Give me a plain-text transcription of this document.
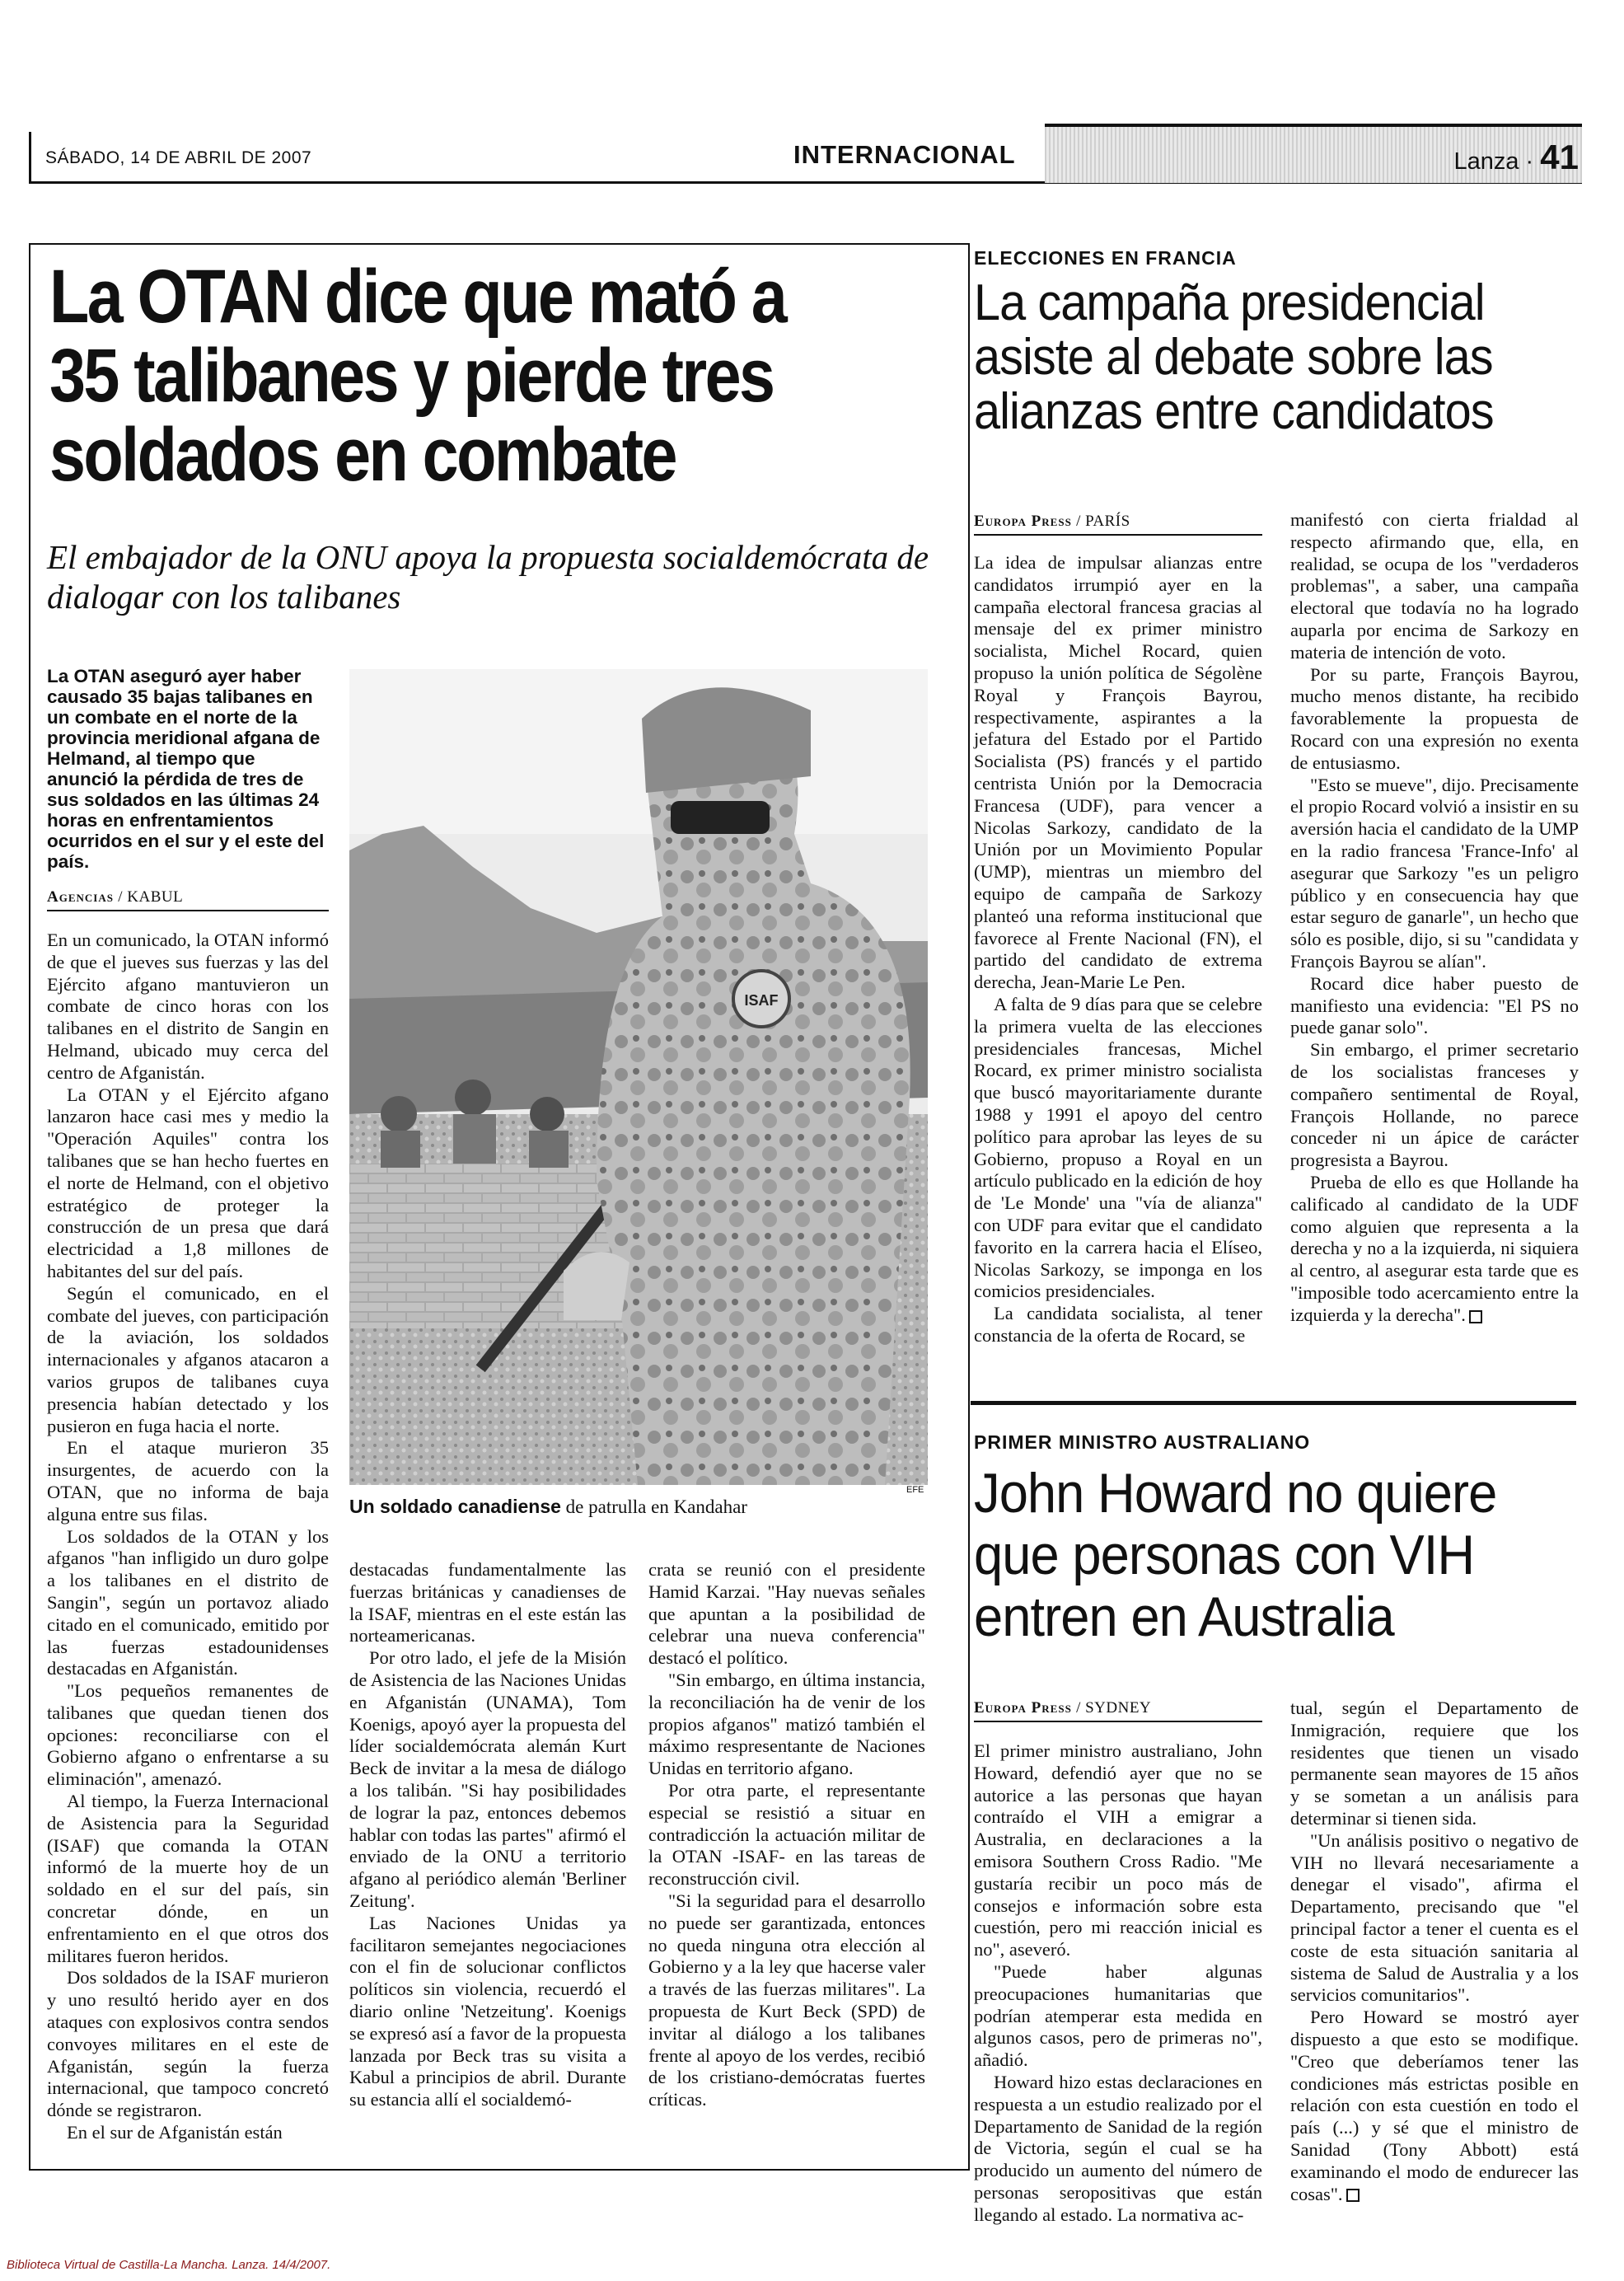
SÁBADO, 14 DE ABRIL DE 2007	INTERNACIONAL	Lanza · 41
La OTAN dice que mató a 35 talibanes y pierde tres soldados en combate
El embajador de la ONU apoya la propuesta socialdemócrata de dialogar con los talibanes
La OTAN aseguró ayer haber causado 35 bajas talibanes en un combate en el norte de la provincia meridional afgana de Helmand, al tiempo que anunció la pérdida de tres de sus soldados en las últimas 24 horas en enfrentamientos ocurridos en el sur y el este del país.
Agencias / KABUL

En un comunicado, la OTAN informó de que el jueves sus fuerzas y las del Ejército afgano mantuvieron un combate de cinco horas con los talibanes en el distrito de Sangin en Helmand, ubicado muy cerca del centro de Afganistán.

La OTAN y el Ejército afgano lanzaron hace casi mes y medio la "Operación Aquiles" contra los talibanes que se han hecho fuertes en el norte de Helmand, con el objetivo estratégico de proteger la construcción de un presa que dará electricidad a 1,8 millones de habitantes del sur del país.

Según el comunicado, en el combate del jueves, con participación de la aviación, los soldados internacionales y afganos atacaron a varios grupos de talibanes cuya presencia habían detectado y los pusieron en fuga hacia el norte.

En el ataque murieron 35 insurgentes, de acuerdo con la OTAN, que no informa de baja alguna entre sus filas.

Los soldados de la OTAN y los afganos "han infligido un duro golpe a los talibanes en el distrito de Sangin", según un portavoz aliado citado en el comunicado, emitido por las fuerzas estadounidenses destacadas en Afganistán.

"Los pequeños remanentes de talibanes que quedan tienen dos opciones: reconciliarse con el Gobierno afgano o enfrentarse a su eliminación", amenazó.

Al tiempo, la Fuerza Internacional de Asistencia para la Seguridad (ISAF) que comanda la OTAN informó de la muerte hoy de un soldado en el sur del país, sin concretar dónde, en un enfrentamiento en el que otros dos militares fueron heridos.

Dos soldados de la ISAF murieron y uno resultó herido ayer en dos ataques con explosivos contra sendos convoyes militares en el este de Afganistán, según la fuerza internacional, que tampoco concretó dónde se registraron.

En el sur de Afganistán están

ISAF
EFE
Un soldado canadiense de patrulla en Kandahar

destacadas fundamentalmente las fuerzas británicas y canadienses de la ISAF, mientras en el este están las norteamericanas.

Por otro lado, el jefe de la Misión de Asistencia de las Naciones Unidas en Afganistán (UNAMA), Tom Koenigs, apoyó ayer la propuesta del líder socialdemócrata alemán Kurt Beck de invitar a la mesa de diálogo a los talibán. "Si hay posibilidades de lograr la paz, entonces debemos hablar con todas las partes" afirmó el enviado de la ONU a territorio afgano al periódico alemán 'Berliner Zeitung'.

Las Naciones Unidas ya facilitaron semejantes negociaciones con el fin de solucionar conflictos políticos sin violencia, recuerdó el diario online 'Netzeitung'. Koenigs se expresó así a favor de la propuesta lanzada por Beck tras su visita a Kabul a principios de abril. Durante su estancia allí el socialdemó-

crata se reunió con el presidente Hamid Karzai. "Hay nuevas señales que apuntan a la posibilidad de celebrar una nueva conferencia" destacó el político.

"Sin embargo, en última instancia, la reconciliación ha de venir de los propios afganos" matizó también el máximo respresentante de Naciones Unidas en territorio afgano.

Por otra parte, el representante especial se resistió a situar en contradicción la actuación militar de la OTAN -ISAF- en las tareas de reconstrucción civil.

"Si la seguridad para el desarrollo no puede ser garantizada, entonces no queda ninguna otra elección al Gobierno y a la ley que hacerse valer a través de las fuerzas militares". La propuesta de Kurt Beck (SPD) de invitar al diálogo a los talibanes frente al apoyo de los verdes, recibió de los cristiano-demócratas fuertes críticas.

ELECCIONES EN FRANCIA
La campaña presidencial asiste al debate sobre las alianzas entre candidatos
Europa Press / PARÍS

La idea de impulsar alianzas entre candidatos irrumpió ayer en la campaña electoral francesa gracias al mensaje del ex primer ministro socialista, Michel Rocard, quien propuso la unión política de Ségolène Royal y François Bayrou, respectivamente, aspirantes a la jefatura del Estado por el Partido Socialista (PS) francés y el partido centrista Unión por la Democracia Francesa (UDF), para vencer a Nicolas Sarkozy, candidato de la Unión por un Movimiento Popular (UMP), mientras un miembro del equipo de campaña de Sarkozy planteó una reforma institucional que favorece al Frente Nacional (FN), el partido del candidato de extrema derecha, Jean-Marie Le Pen.

A falta de 9 días para que se celebre la primera vuelta de las elecciones presidenciales francesas, Michel Rocard, ex primer ministro socialista que buscó mayoritariamente durante 1988 y 1991 el apoyo del centro político para aprobar las leyes de su Gobierno, propuso a Royal en un artículo publicado en la edición de hoy de 'Le Monde' una "vía de alianza" con UDF para evitar que el candidato favorito en la carrera hacia el Elíseo, Nicolas Sarkozy, se imponga en los comicios presidenciales.

La candidata socialista, al tener constancia de la oferta de Rocard, se

manifestó con cierta frialdad al respecto afirmando que, ella, en realidad, se ocupa de los "verdaderos problemas", a saber, una campaña electoral que todavía no ha logrado auparla por encima de Sarkozy en materia de intención de voto.

Por su parte, François Bayrou, mucho menos distante, ha recibido favorablemente la propuesta de Rocard con una expresión no exenta de entusiasmo.

"Esto se mueve", dijo. Precisamente el propio Rocard volvió a insistir en su aversión hacia el candidato de la UMP en la radio francesa 'France-Info' al asegurar que Sarkozy "es un peligro público y en consecuencia hay que estar seguro de ganarle", un hecho que sólo es posible, dijo, si su "candidata y François Bayrou se alían".

Rocard dice haber puesto de manifiesto una evidencia: "El PS no puede ganar solo".

Sin embargo, el primer secretario de los socialistas franceses y compañero sentimental de Royal, François Hollande, no parece conceder ni un ápice de carácter progresista a Bayrou.

Prueba de ello es que Hollande ha calificado al candidato de la UDF como alguien que representa a la derecha y no a la izquierda, ni siquiera al centro, al asegurar esta tarde que es "imposible todo acercamiento entre la izquierda y la derecha".

PRIMER MINISTRO AUSTRALIANO
John Howard no quiere que personas con VIH entren en Australia
Europa Press / SYDNEY

El primer ministro australiano, John Howard, defendió ayer que no se autorice a las personas que hayan contraído el VIH a emigrar a Australia, en declaraciones a la emisora Southern Cross Radio. "Me gustaría recibir un poco más de consejos e información sobre esta cuestión, pero mi reacción inicial es no", aseveró.

"Puede haber algunas preocupaciones humanitarias que podrían atemperar esta medida en algunos casos, pero de primeras no", añadió.

Howard hizo estas declaraciones en respuesta a un estudio realizado por el Departamento de Sanidad de la región de Victoria, según el cual se ha producido un aumento del número de personas seropositivas que están llegando al estado. La normativa ac-

tual, según el Departamento de Inmigración, requiere que los residentes que tienen un visado permanente sean mayores de 15 años y se sometan a un análisis para determinar si tienen sida.

"Un análisis positivo o negativo de VIH no llevará necesariamente a denegar el visado", afirma el Departamento, precisando que "el principal factor a tener el cuenta es el coste de esta situación sanitaria al sistema de Salud de Australia y a los servicios comunitarios".

Pero Howard se mostró ayer dispuesto a que esto se modifique. "Creo que deberíamos tener las condiciones más estrictas posible en relación con esta cuestión en todo el país (...) y sé que el ministro de Sanidad (Tony Abbott) está examinando el modo de endurecer las cosas".

Biblioteca Virtual de Castilla-La Mancha. Lanza. 14/4/2007.
